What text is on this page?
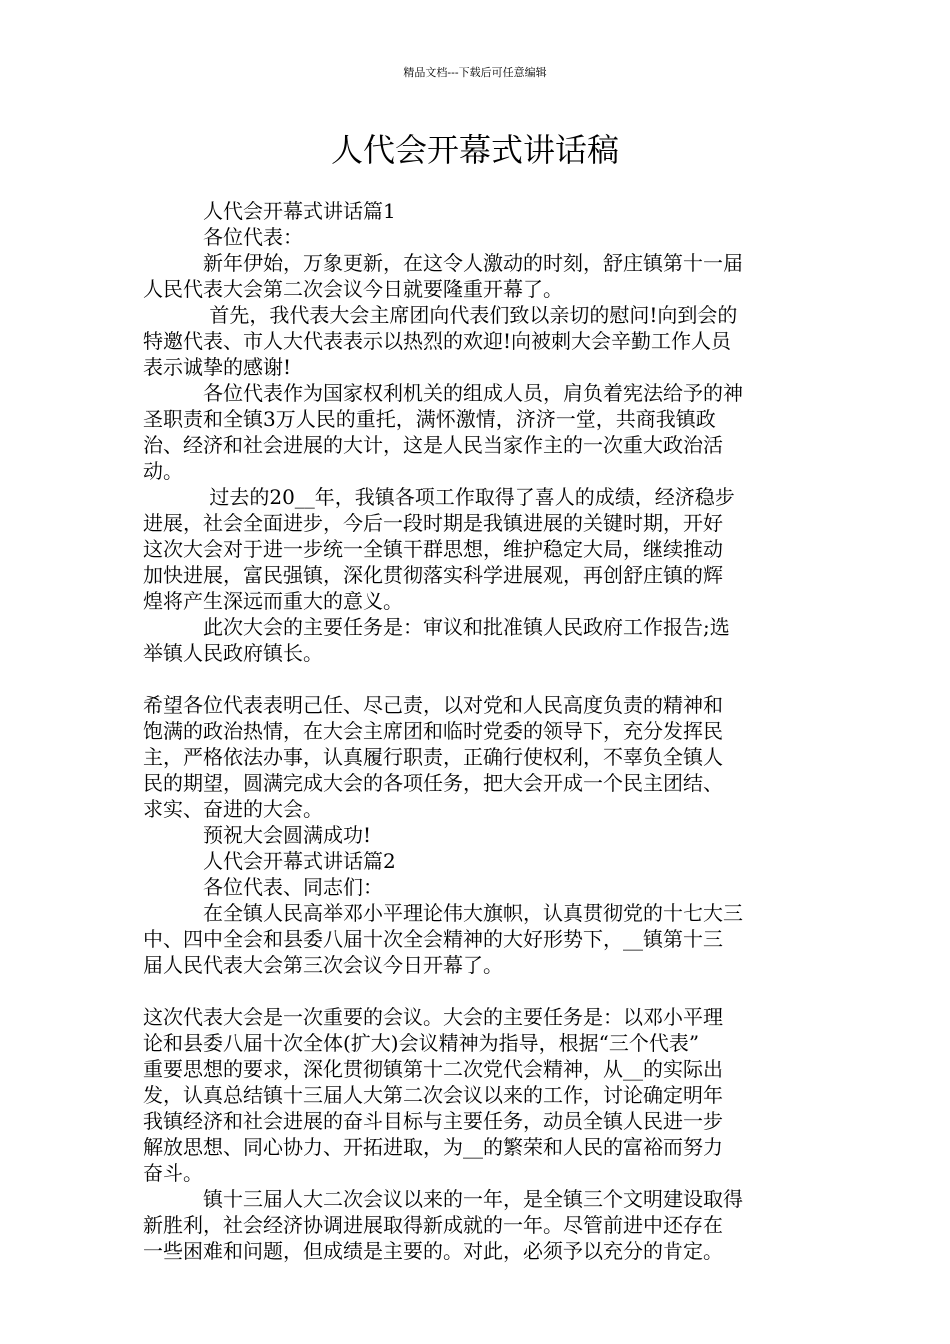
精品文档---下载后可任意编辑
人代会开幕式讲话稿

　　　人代会开幕式讲话篇1

　　　各位代表：

　　　新年伊始，万象更新，在这令人激动的时刻，舒庄镇第十一届

人民代表大会第二次会议今日就要隆重开幕了。

　　　 首先，我代表大会主席团向代表们致以亲切的慰问!向到会的

特邀代表、市人大代表表示以热烈的欢迎!向被刺大会辛勤工作人员

表示诚挚的感谢!

　　　各位代表作为国家权利机关的组成人员，肩负着宪法给予的神

圣职责和全镇3万人民的重托，满怀激情，济济一堂，共商我镇政

治、经济和社会进展的大计，这是人民当家作主的一次重大政治活

动。

　　　 过去的20__年，我镇各项工作取得了喜人的成绩，经济稳步

进展，社会全面进步，今后一段时期是我镇进展的关键时期，开好

这次大会对于进一步统一全镇干群思想，维护稳定大局，继续推动

加快进展，富民强镇，深化贯彻落实科学进展观，再创舒庄镇的辉

煌将产生深远而重大的意义。

　　　此次大会的主要任务是：审议和批准镇人民政府工作报告;选

举镇人民政府镇长。

希望各位代表表明己任、尽己责，以对党和人民高度负责的精神和

饱满的政治热情，在大会主席团和临时党委的领导下，充分发挥民

主，严格依法办事，认真履行职责，正确行使权利，不辜负全镇人

民的期望，圆满完成大会的各项任务，把大会开成一个民主团结、

求实、奋进的大会。

　　　预祝大会圆满成功!

　　　人代会开幕式讲话篇2

　　　各位代表、同志们：

　　　在全镇人民高举邓小平理论伟大旗帜，认真贯彻党的十七大三

中、四中全会和县委八届十次全会精神的大好形势下，__镇第十三

届人民代表大会第三次会议今日开幕了。

这次代表大会是一次重要的会议。大会的主要任务是：以邓小平理

论和县委八届十次全体(扩大)会议精神为指导，根据“三个代表”

重要思想的要求，深化贯彻镇第十二次党代会精神，从__的实际出

发，认真总结镇十三届人大第二次会议以来的工作，讨论确定明年

我镇经济和社会进展的奋斗目标与主要任务，动员全镇人民进一步

解放思想、同心协力、开拓进取，为__的繁荣和人民的富裕而努力

奋斗。

　　　镇十三届人大二次会议以来的一年，是全镇三个文明建设取得

新胜利，社会经济协调进展取得新成就的一年。尽管前进中还存在

一些困难和问题，但成绩是主要的。对此，必须予以充分的肯定。
